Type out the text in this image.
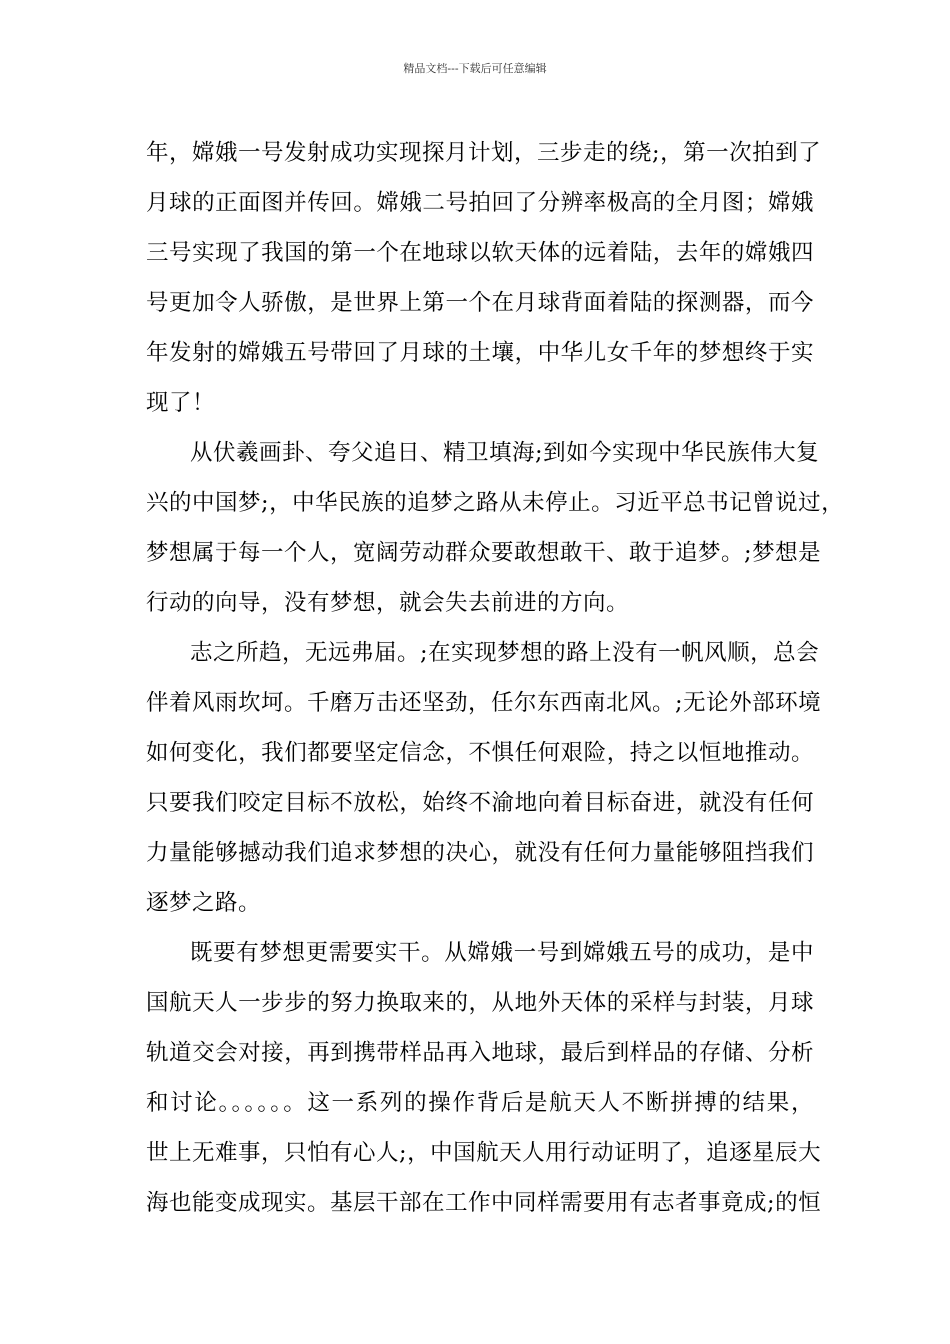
精品文档---下载后可任意编辑
年，嫦娥一号发射成功实现探月计划，三步走的绕;，第一次拍到了
月球的正面图并传回。嫦娥二号拍回了分辨率极高的全月图；嫦娥
三号实现了我国的第一个在地球以软天体的远着陆，去年的嫦娥四
号更加令人骄傲，是世界上第一个在月球背面着陆的探测器，而今
年发射的嫦娥五号带回了月球的土壤，中华儿女千年的梦想终于实
现了！
从伏羲画卦、夸父追日、精卫填海;到如今实现中华民族伟大复
兴的中国梦;，中华民族的追梦之路从未停止。习近平总书记曾说过，
梦想属于每一个人，宽阔劳动群众要敢想敢干、敢于追梦。;梦想是
行动的向导，没有梦想，就会失去前进的方向。
志之所趋，无远弗届。;在实现梦想的路上没有一帆风顺，总会
伴着风雨坎坷。千磨万击还坚劲，任尔东西南北风。;无论外部环境
如何变化，我们都要坚定信念，不惧任何艰险，持之以恒地推动。
只要我们咬定目标不放松，始终不渝地向着目标奋进，就没有任何
力量能够撼动我们追求梦想的决心，就没有任何力量能够阻挡我们
逐梦之路。
既要有梦想更需要实干。从嫦娥一号到嫦娥五号的成功，是中
国航天人一步步的努力换取来的，从地外天体的采样与封装，月球
轨道交会对接，再到携带样品再入地球，最后到样品的存储、分析
和讨论。。。。。。这一系列的操作背后是航天人不断拼搏的结果，
世上无难事，只怕有心人;，中国航天人用行动证明了，追逐星辰大
海也能变成现实。基层干部在工作中同样需要用有志者事竟成;的恒
